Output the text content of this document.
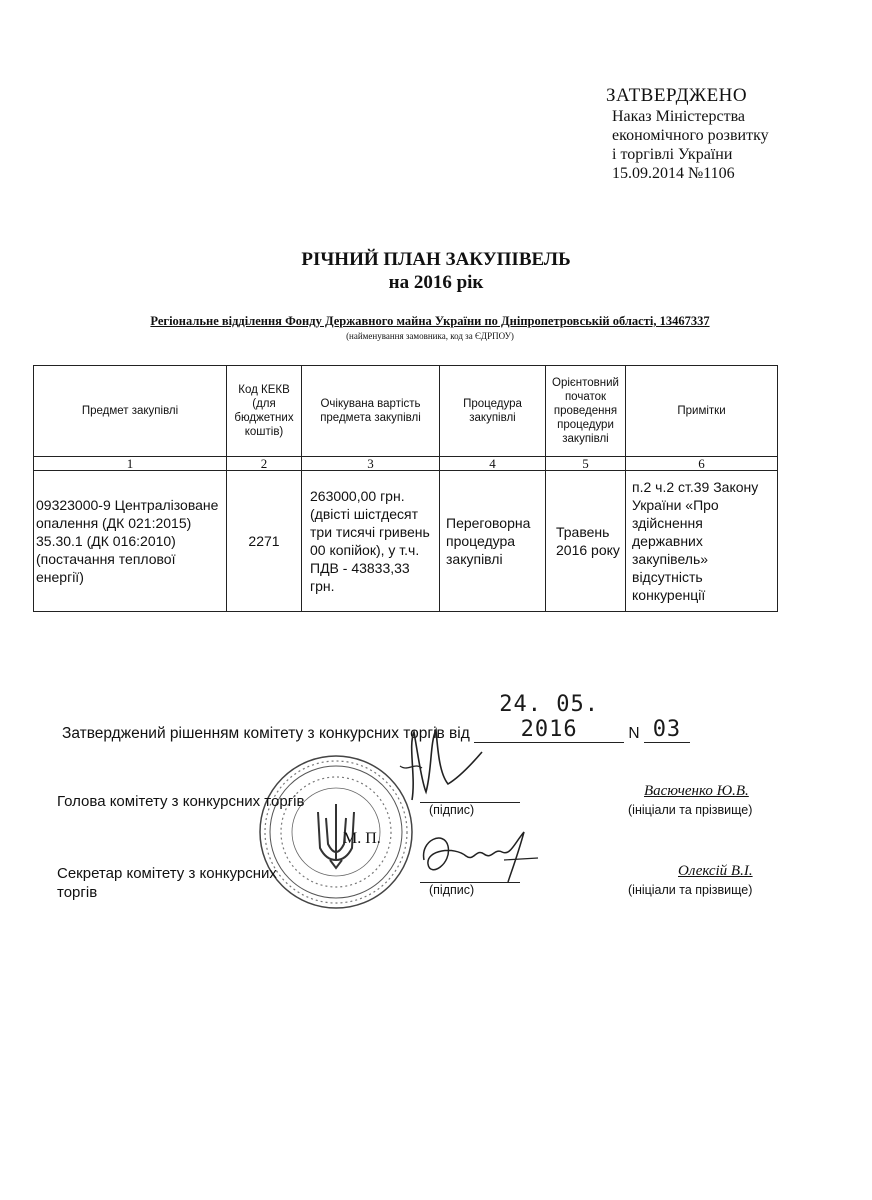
ЗАТВЕРДЖЕНО
Наказ Міністерства
економічного розвитку
і торгівлі України
15.09.2014 №1106
РІЧНИЙ ПЛАН ЗАКУПІВЕЛЬ
на 2016 рік
Регіональне відділення Фонду Державного майна України по Дніпропетровській області, 13467337
(найменування замовника, код за ЄДРПОУ)
Предмет закупівлі	Код КЕКВ (для бюджетних коштів)	Очікувана вартість предмета закупівлі	Процедура закупівлі	Орієнтовний початок проведення процедури закупівлі	Примітки
1	2	3	4	5	6
09323000-9 Централізоване опалення (ДК 021:2015) 35.30.1 (ДК 016:2010) (постачання теплової енергії)	2271	263000,00 грн. (двісті шістдесят три тисячі гривень 00 копійок), у т.ч. ПДВ - 43833,33 грн.	Переговорна процедура закупівлі	Травень 2016 року	п.2 ч.2 ст.39 Закону України «Про здійснення державних закупівель» відсутність конкуренції
Затверджений рішенням комітету з конкурсних торгів від 24. 05. 2016	N 03
Голова комітету з конкурсних торгів	(підпис)
Васюченко Ю.В.
(ініціали та прізвище)
М. П.
Секретар комітету з конкурсних
торгів	(підпис)
Олексій В.І.
(ініціали та прізвище)
